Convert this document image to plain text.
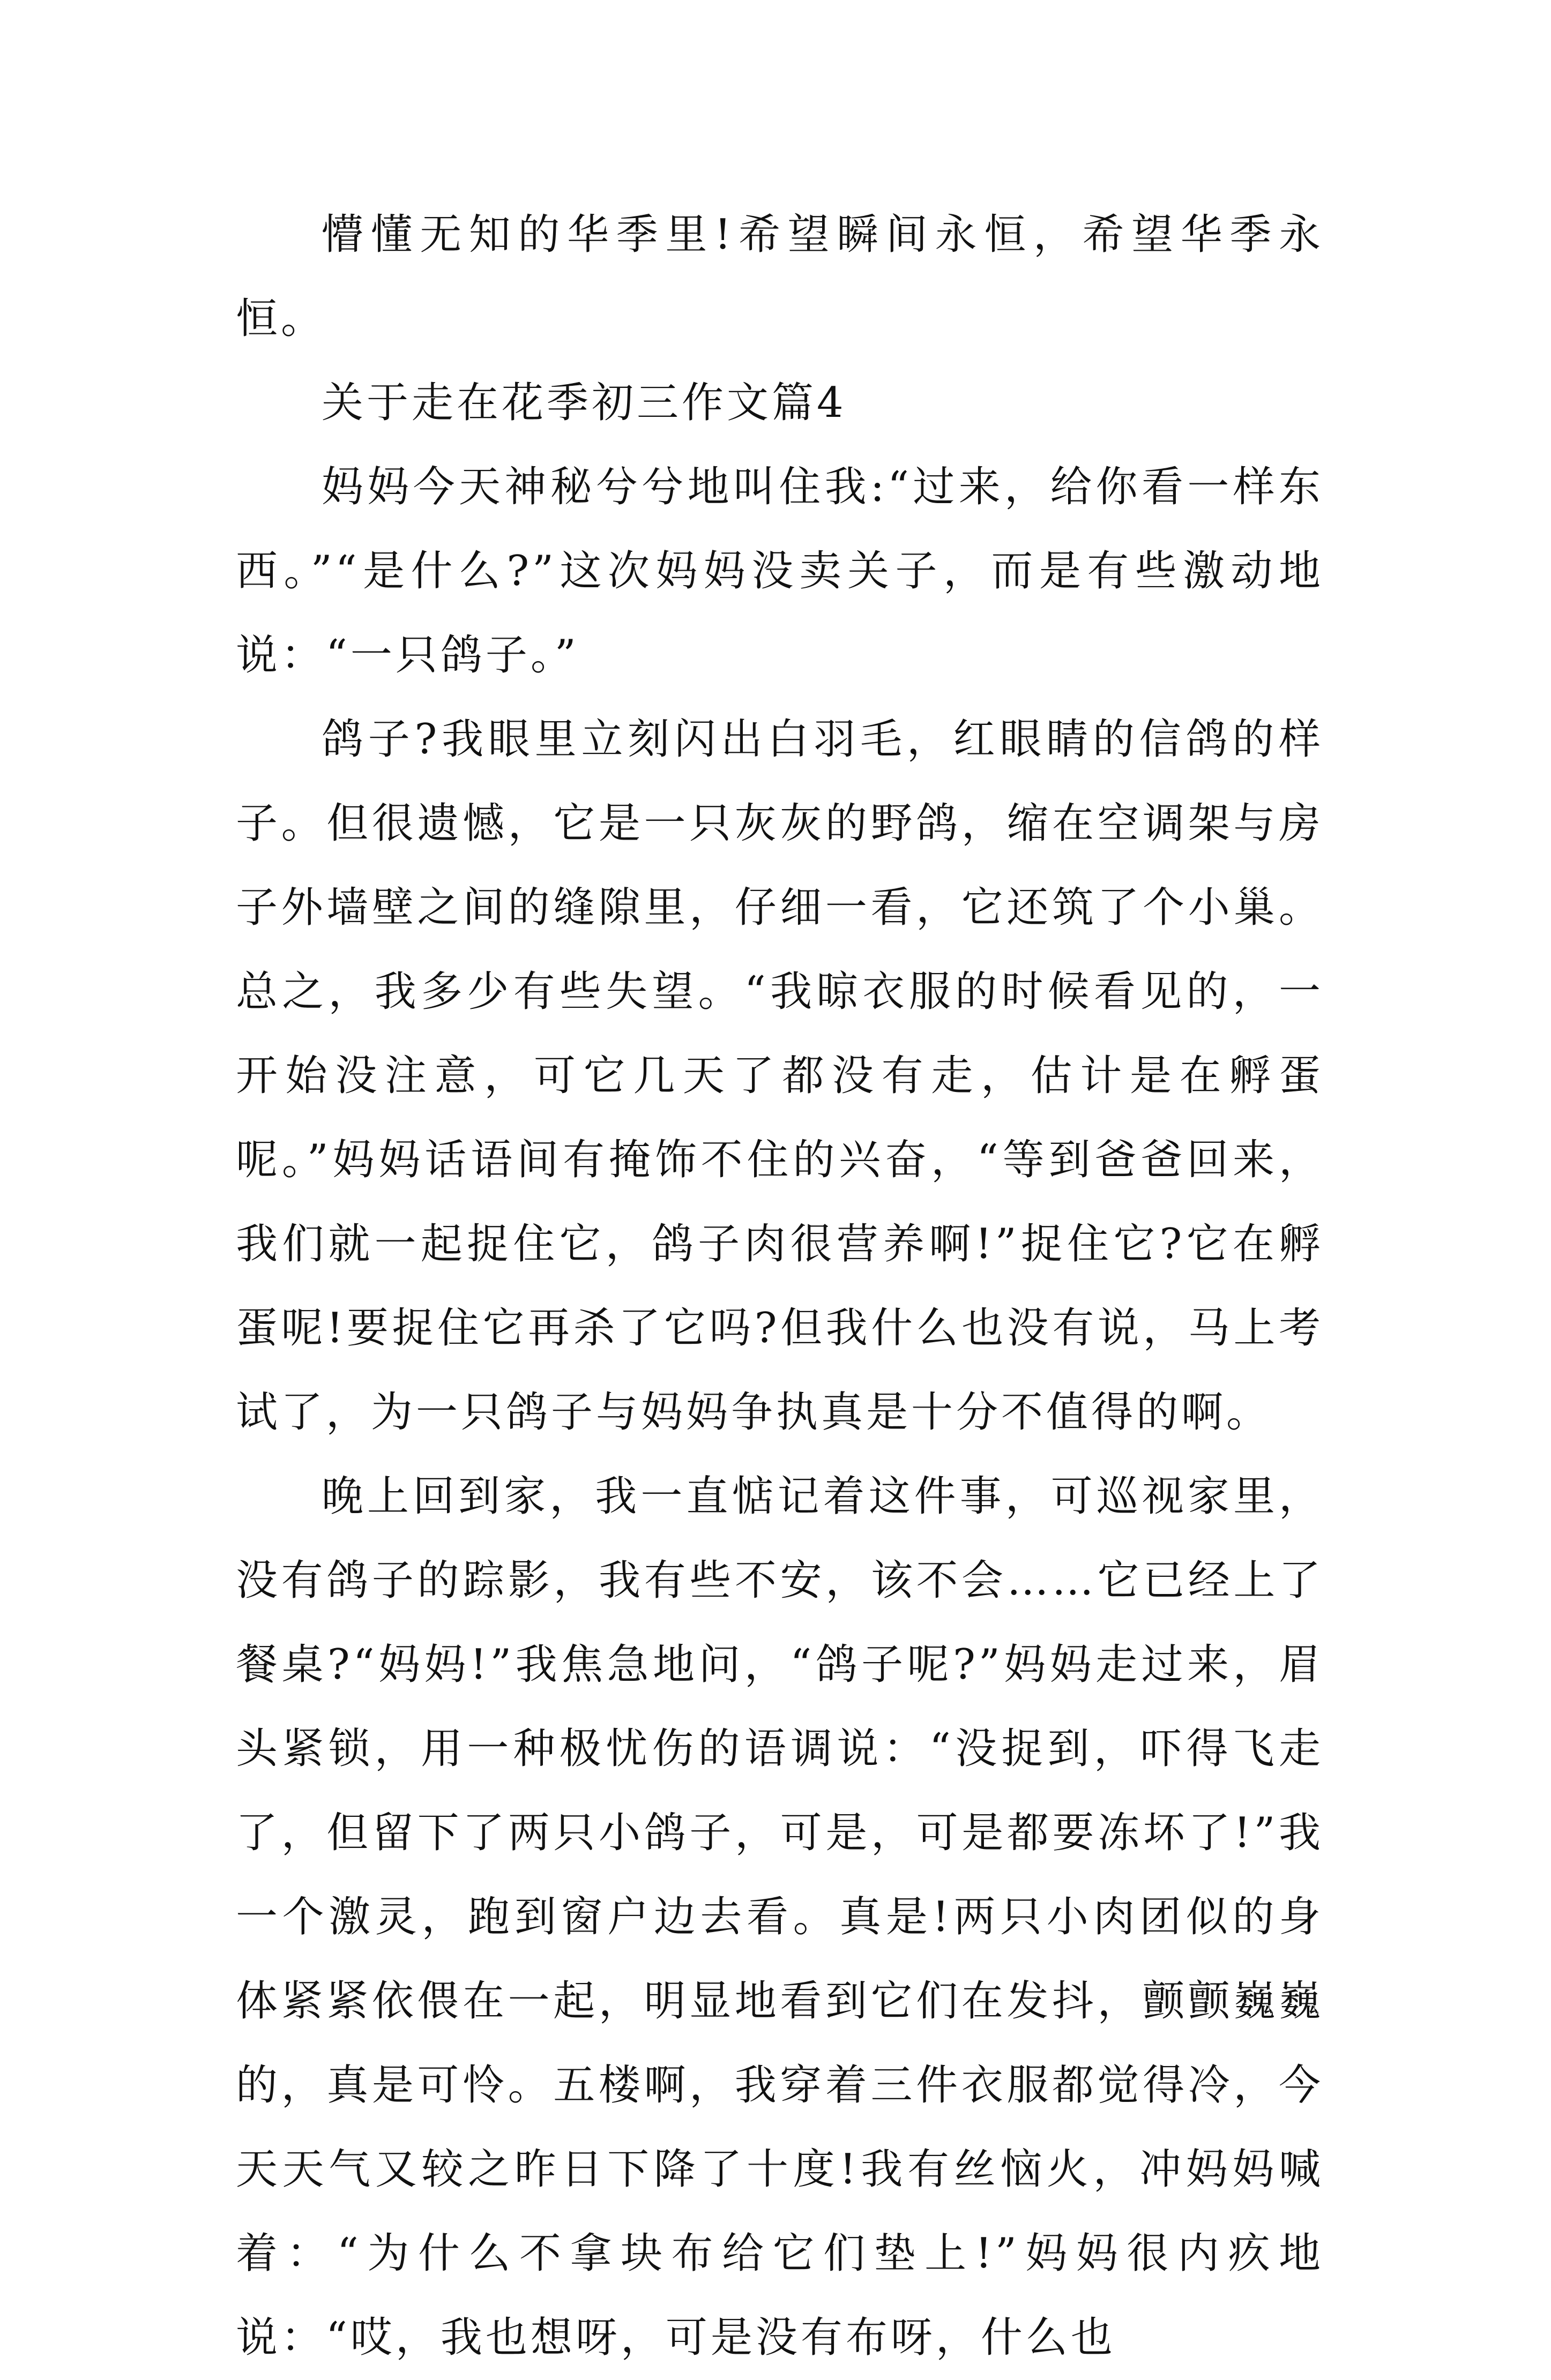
懵懂无知的华季里!希望瞬间永恒，希望华季永恒。

关于走在花季初三作文篇4

妈妈今天神秘兮兮地叫住我:“过来，给你看一样东西。”“是什么?”这次妈妈没卖关子，而是有些激动地说：“一只鸽子。”

鸽子?我眼里立刻闪出白羽毛，红眼睛的信鸽的样子。但很遗憾，它是一只灰灰的野鸽，缩在空调架与房子外墙壁之间的缝隙里，仔细一看，它还筑了个小巢。总之，我多少有些失望。“我晾衣服的时候看见的，一开始没注意，可它几天了都没有走，估计是在孵蛋呢。”妈妈话语间有掩饰不住的兴奋，“等到爸爸回来，我们就一起捉住它，鸽子肉很营养啊!”捉住它?它在孵蛋呢!要捉住它再杀了它吗?但我什么也没有说，马上考试了，为一只鸽子与妈妈争执真是十分不值得的啊。

晚上回到家，我一直惦记着这件事，可巡视家里，没有鸽子的踪影，我有些不安，该不会……它已经上了餐桌?“妈妈!”我焦急地问，“鸽子呢?”妈妈走过来，眉头紧锁，用一种极忧伤的语调说：“没捉到，吓得飞走了，但留下了两只小鸽子，可是，可是都要冻坏了!”我一个激灵，跑到窗户边去看。真是!两只小肉团似的身体紧紧依偎在一起，明显地看到它们在发抖，颤颤巍巍的，真是可怜。五楼啊，我穿着三件衣服都觉得冷，今天天气又较之昨日下降了十度!我有丝恼火，冲妈妈喊着：“为什么不拿块布给它们垫上!”妈妈很内疚地说：“哎，我也想呀，可是没有布呀，什么也
